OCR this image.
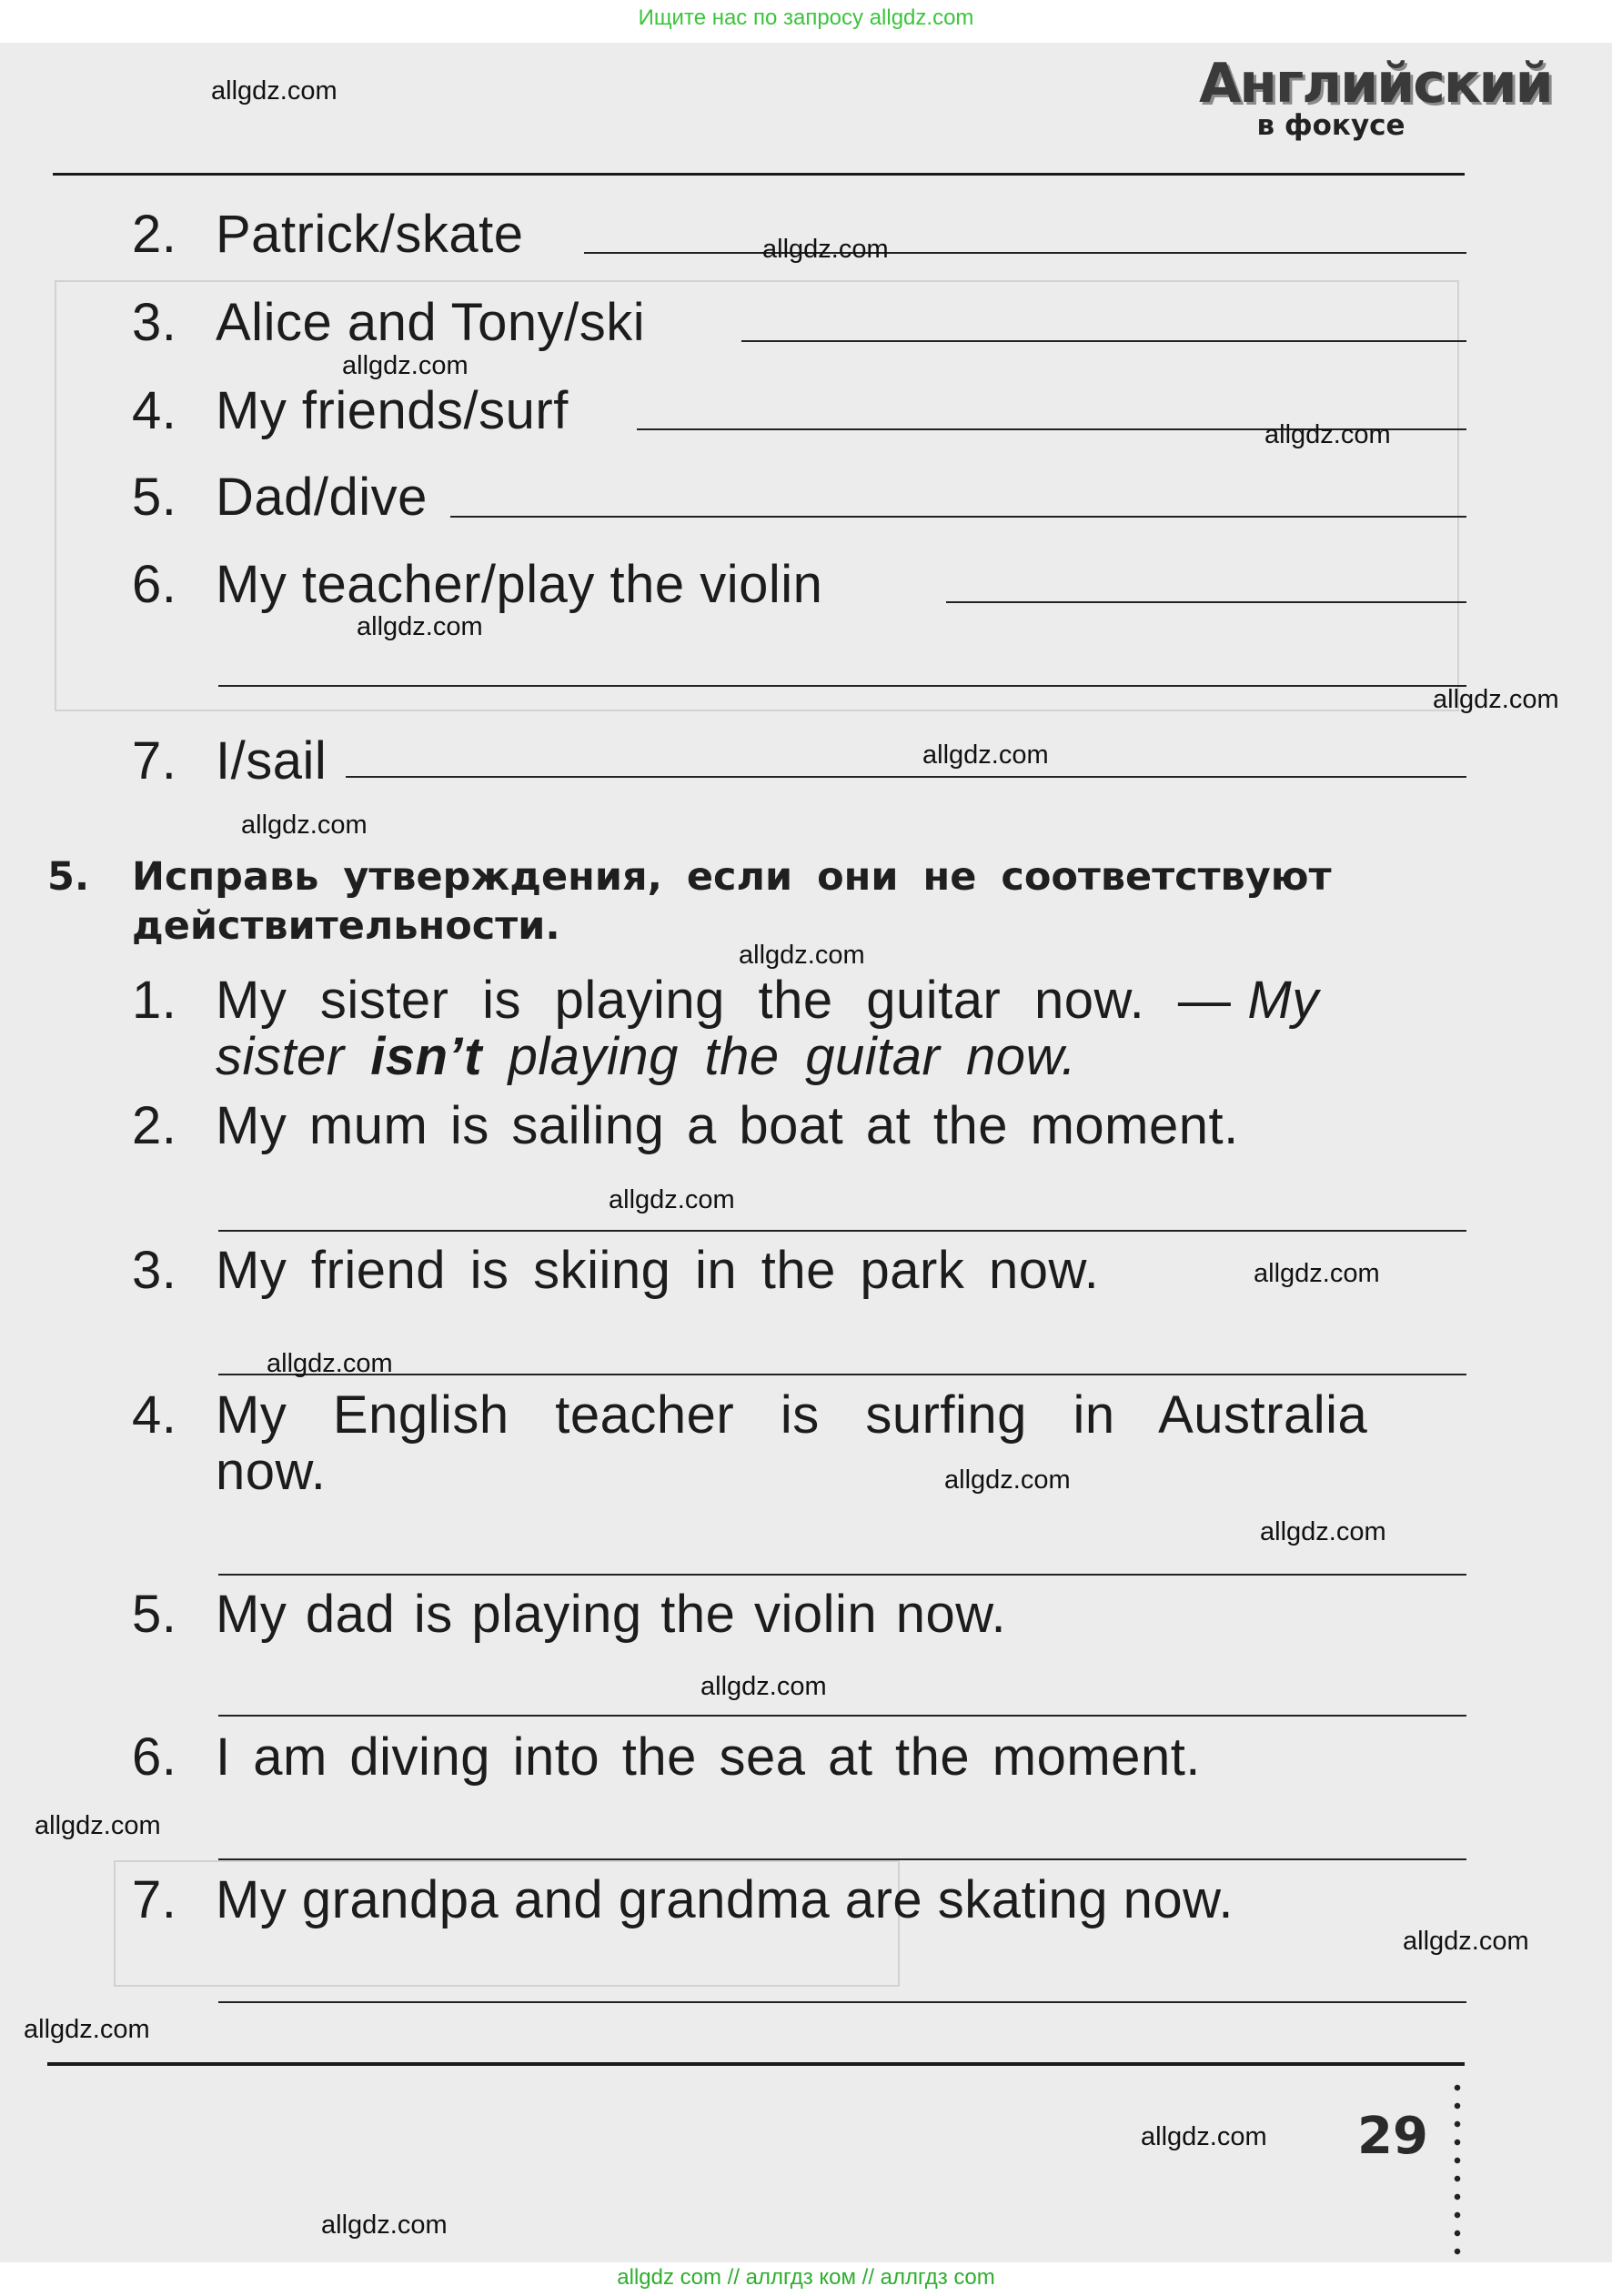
Ищите нас по запросу allgdz.com
Английский
в фокусе
2. Patrick/skate
3. Alice and Tony/ski
4. My friends/surf
5. Dad/dive
6. My teacher/play the violin
7. I/sail
5. Исправь утверждения, если они не соответствуют
действительности.
1. My sister is playing the guitar now. — My
sister isn’t playing the guitar now.
2. My mum is sailing a boat at the moment.
3. My friend is skiing in the park now.
4. My English teacher is surfing in Australia
now.
5. My dad is playing the violin now.
6. I am diving into the sea at the moment.
7. My grandpa and grandma are skating now.
29
allgdz.com
allgdz.com
allgdz.com
allgdz.com
allgdz.com
allgdz.com
allgdz.com
allgdz.com
allgdz.com
allgdz.com
allgdz.com
allgdz.com
allgdz.com
allgdz.com
allgdz.com
allgdz.com
allgdz.com
allgdz.com
allgdz.com
allgdz.com
allgdz com // аллгдз ком // аллгдз com
